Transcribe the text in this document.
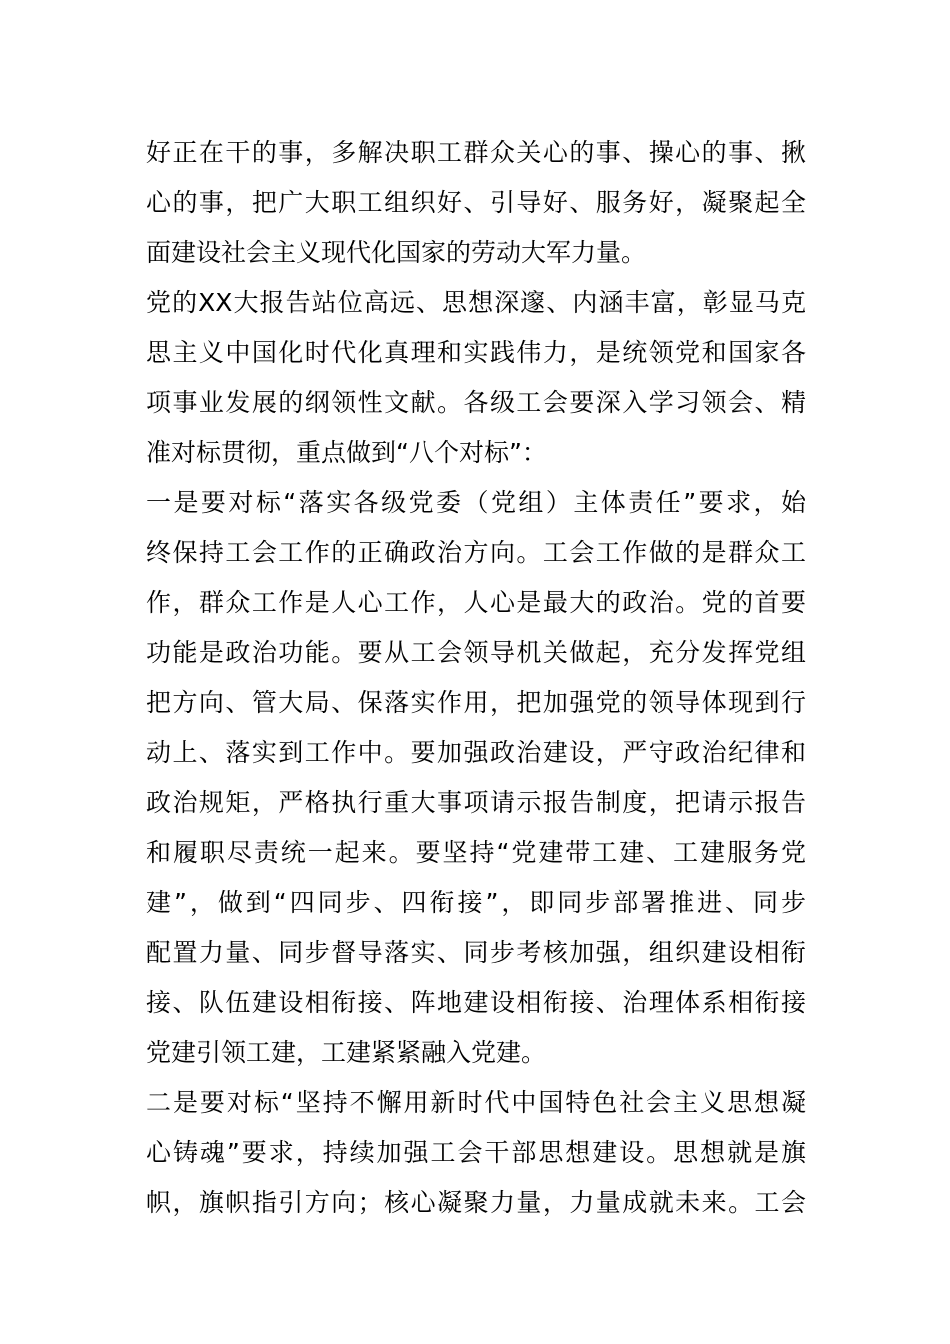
好正在干的事，多解决职工群众关心的事、操心的事、揪
心的事，把广大职工组织好、引导好、服务好，凝聚起全
面建设社会主义现代化国家的劳动大军力量。
党的XX大报告站位高远、思想深邃、内涵丰富，彰显马克
思主义中国化时代化真理和实践伟力，是统领党和国家各
项事业发展的纲领性文献。各级工会要深入学习领会、精
准对标贯彻，重点做到“八个对标”：
一是要对标“落实各级党委（党组）主体责任”要求，始
终保持工会工作的正确政治方向。工会工作做的是群众工
作，群众工作是人心工作，人心是最大的政治。党的首要
功能是政治功能。要从工会领导机关做起，充分发挥党组
把方向、管大局、保落实作用，把加强党的领导体现到行
动上、落实到工作中。要加强政治建设，严守政治纪律和
政治规矩，严格执行重大事项请示报告制度，把请示报告
和履职尽责统一起来。要坚持“党建带工建、工建服务党
建”，做到“四同步、四衔接”，即同步部署推进、同步
配置力量、同步督导落实、同步考核加强，组织建设相衔
接、队伍建设相衔接、阵地建设相衔接、治理体系相衔接
党建引领工建，工建紧紧融入党建。
二是要对标“坚持不懈用新时代中国特色社会主义思想凝
心铸魂”要求，持续加强工会干部思想建设。思想就是旗
帜，旗帜指引方向；核心凝聚力量，力量成就未来。工会
